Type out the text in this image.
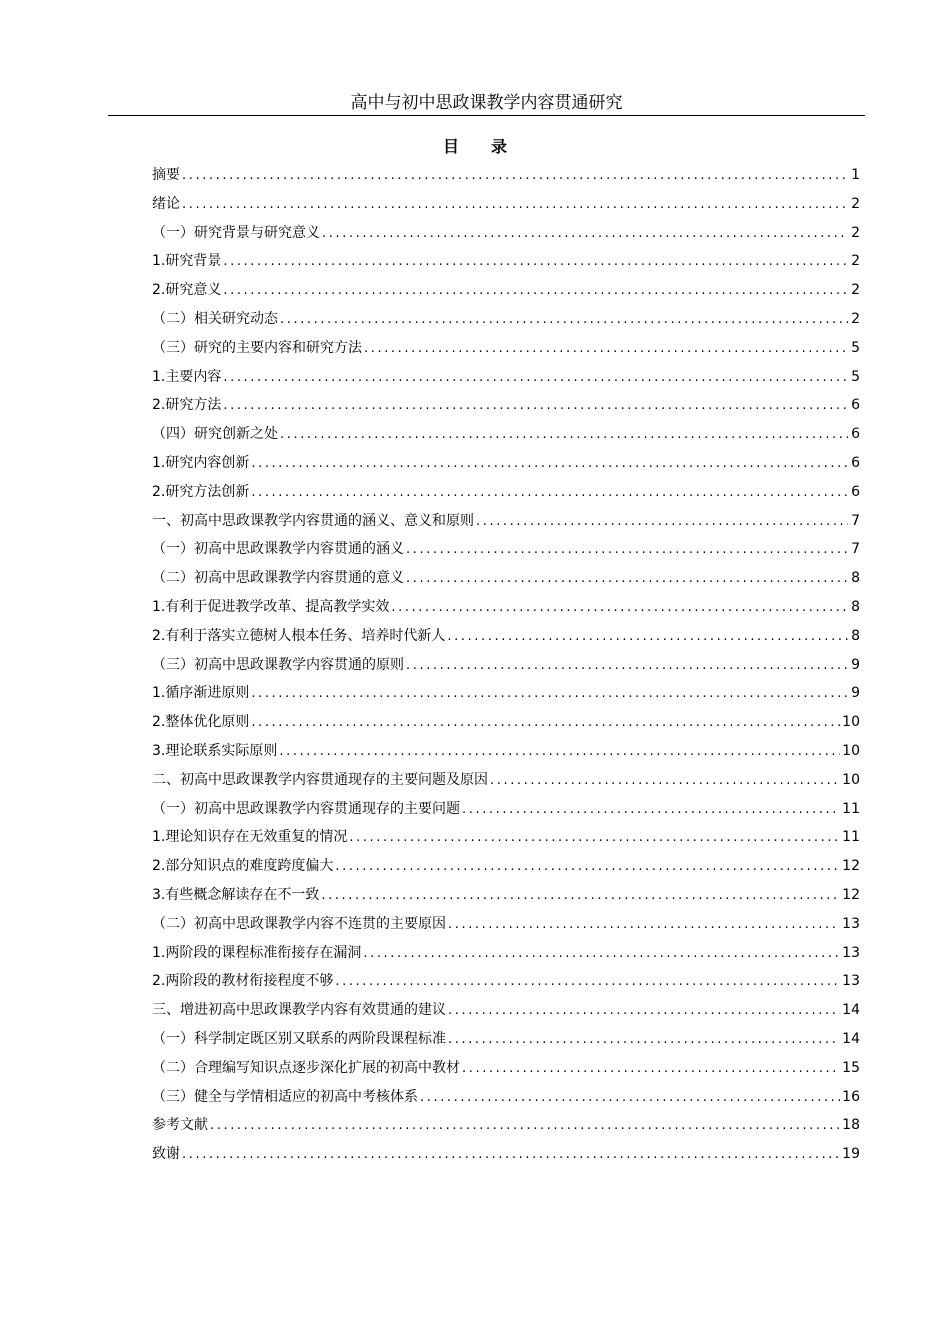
高中与初中思政课教学内容贯通研究
目　　录
摘要 .....	1
绪论 .....	2
（一）研究背景与研究意义 .....	2
1.研究背景 .....	2
2.研究意义 .....	2
（二）相关研究动态 .....	2
（三）研究的主要内容和研究方法 .....	5
1.主要内容 .....	5
2.研究方法 .....	6
（四）研究创新之处 .....	6
1.研究内容创新 .....	6
2.研究方法创新 .....	6
一、初高中思政课教学内容贯通的涵义、意义和原则 .....	7
（一）初高中思政课教学内容贯通的涵义 .....	7
（二）初高中思政课教学内容贯通的意义 .....	8
1.有利于促进教学改革、提高教学实效 .....	8
2.有利于落实立德树人根本任务、培养时代新人 .....	8
（三）初高中思政课教学内容贯通的原则 .....	9
1.循序渐进原则 .....	9
2.整体优化原则 .....	10
3.理论联系实际原则 .....	10
二、初高中思政课教学内容贯通现存的主要问题及原因 .....	10
（一）初高中思政课教学内容贯通现存的主要问题 .....	11
1.理论知识存在无效重复的情况 .....	11
2.部分知识点的难度跨度偏大 .....	12
3.有些概念解读存在不一致 .....	12
（二）初高中思政课教学内容不连贯的主要原因 .....	13
1.两阶段的课程标准衔接存在漏洞 .....	13
2.两阶段的教材衔接程度不够 .....	13
三、增进初高中思政课教学内容有效贯通的建议 .....	14
（一）科学制定既区别又联系的两阶段课程标准 .....	14
（二）合理编写知识点逐步深化扩展的初高中教材 .....	15
（三）健全与学情相适应的初高中考核体系 .....	16
参考文献 .....	18
致谢 .....	19
